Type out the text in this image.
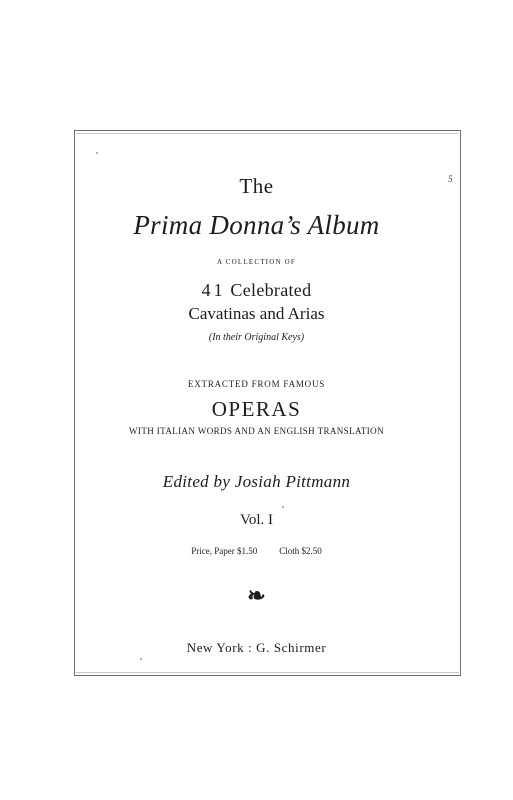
The
Prima Donna’s Album
A COLLECTION OF
41 Celebrated
Cavatinas and Arias
(In their Original Keys)
EXTRACTED FROM FAMOUS
OPERAS
WITH ITALIAN WORDS AND AN ENGLISH TRANSLATION
Edited by Josiah Pittmann
Vol. I
Price, Paper $1.50 Cloth $2.50
❧
New York : G. Schirmer
5
